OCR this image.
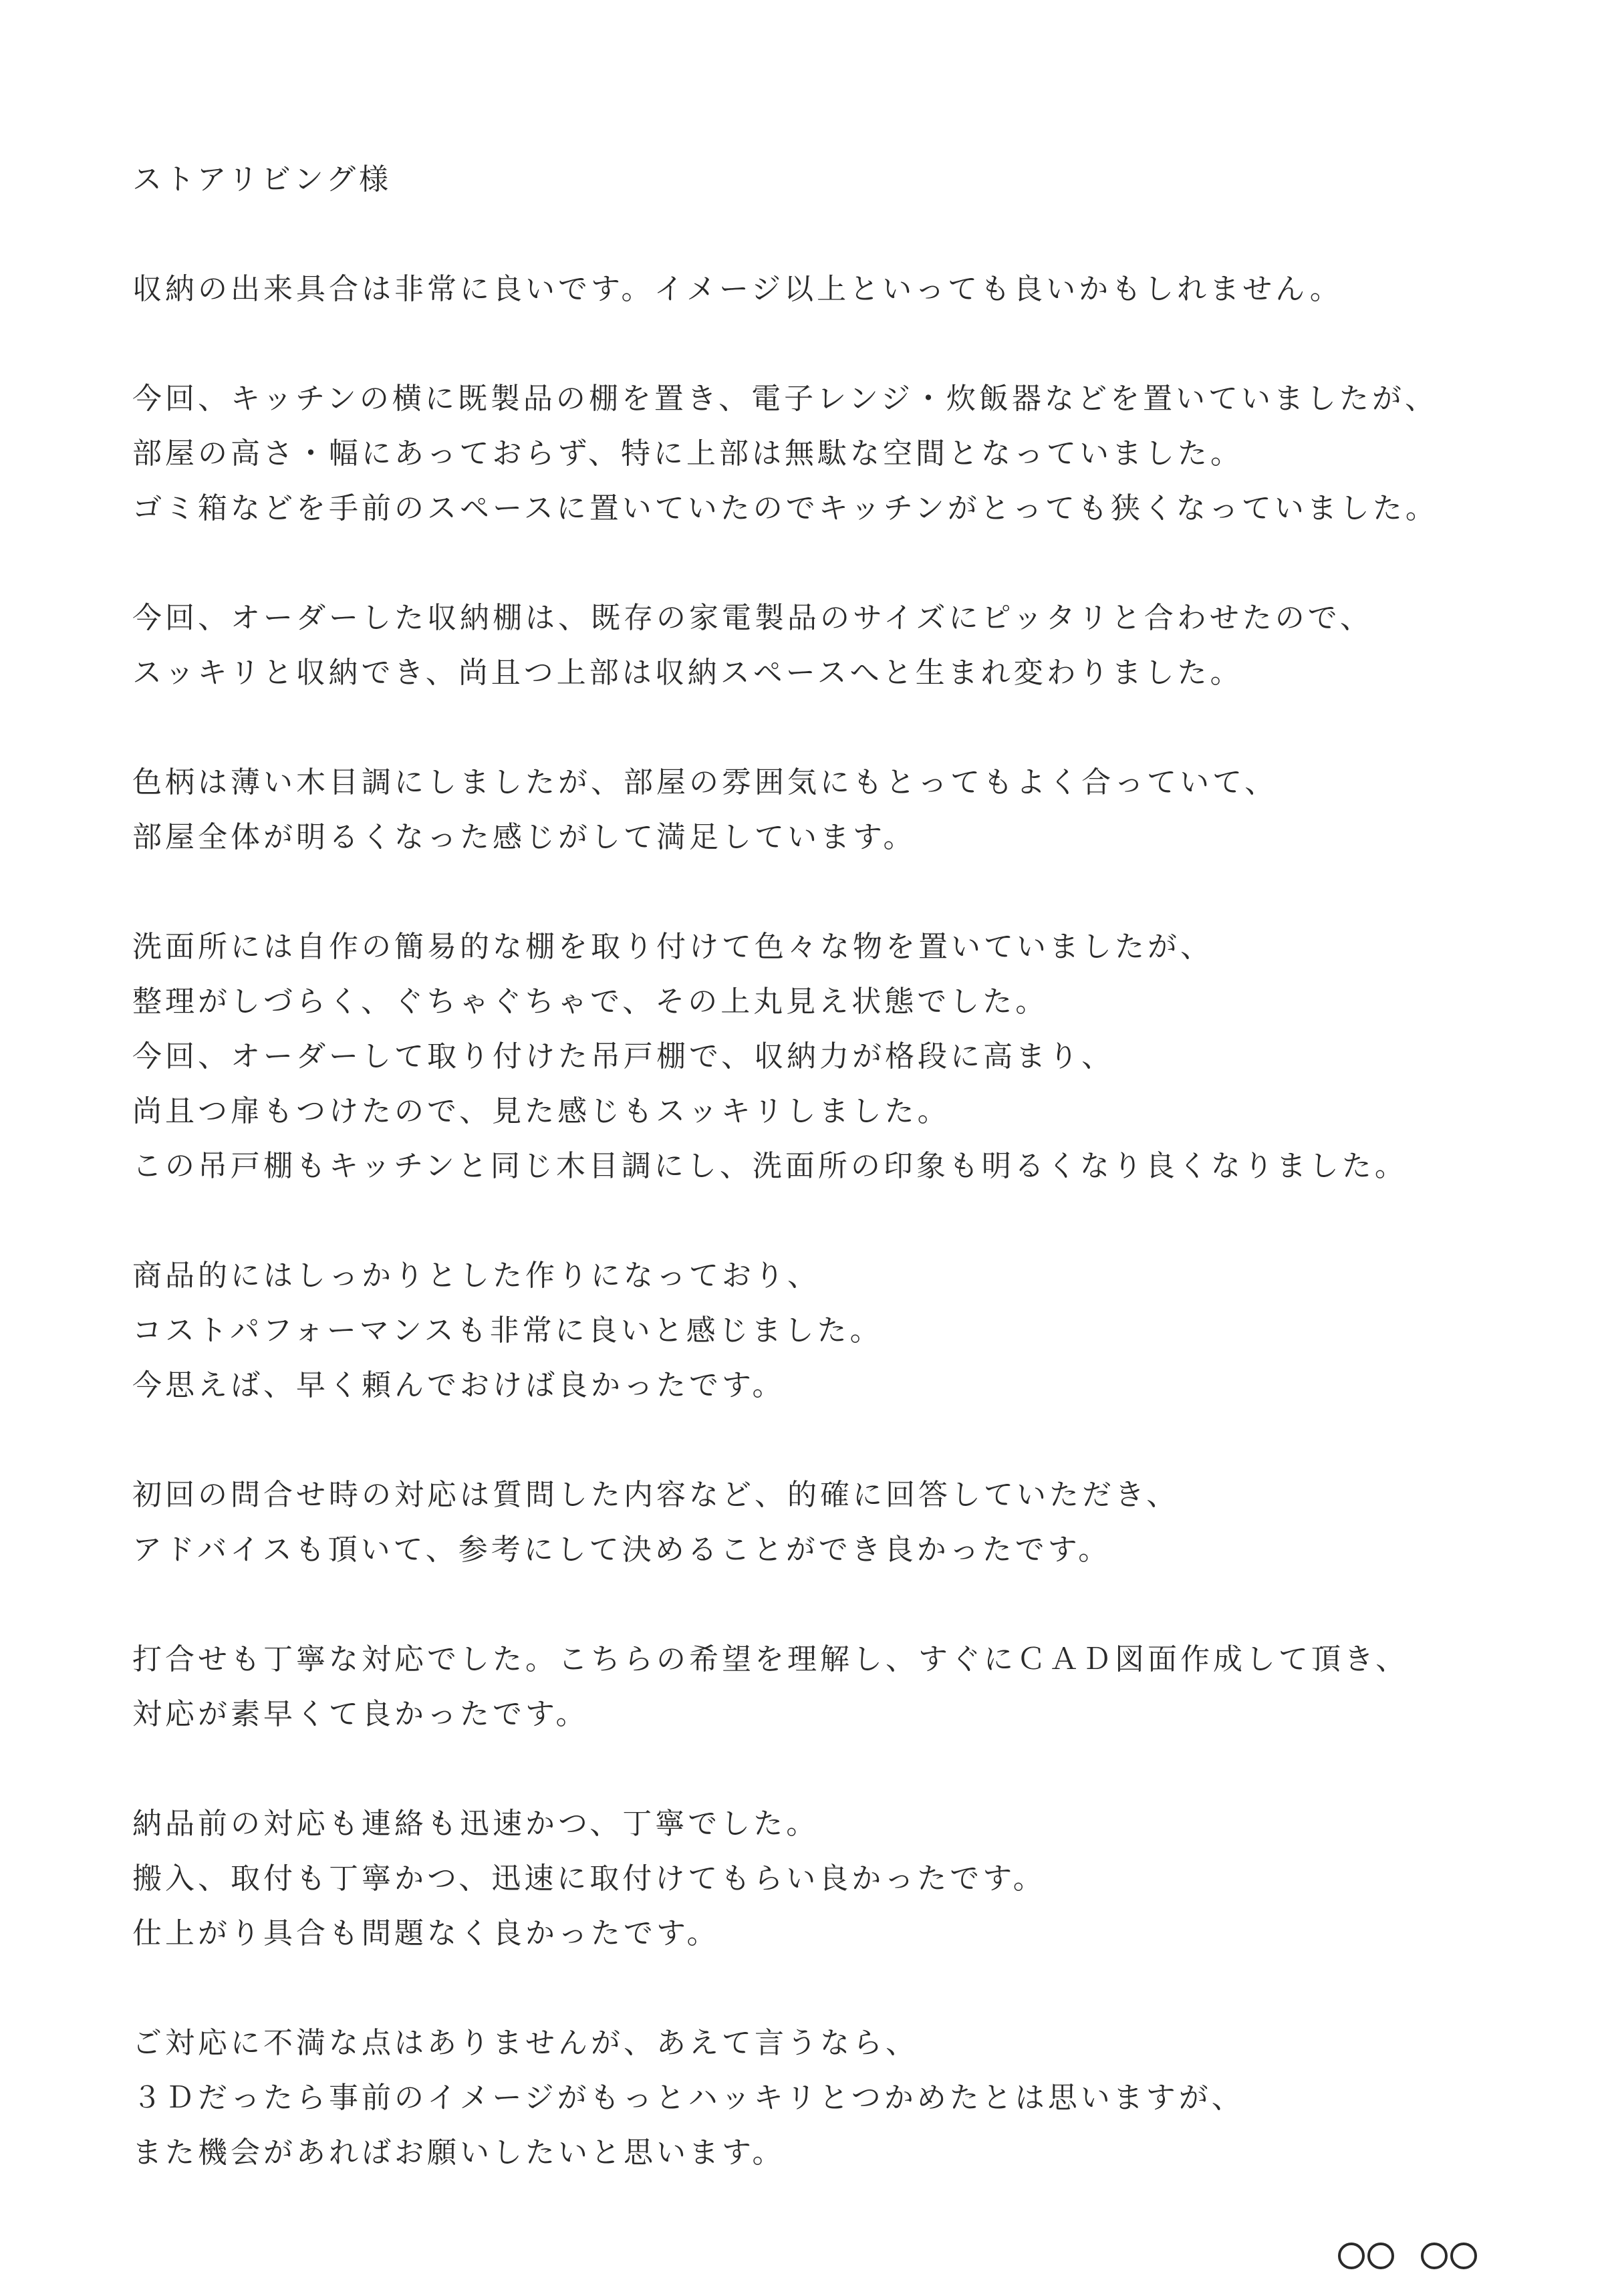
ストアリビング様

収納の出来具合は非常に良いです。イメージ以上といっても良いかもしれません。

今回、キッチンの横に既製品の棚を置き、電子レンジ・炊飯器などを置いていましたが、
部屋の高さ・幅にあっておらず、特に上部は無駄な空間となっていました。
ゴミ箱などを手前のスペースに置いていたのでキッチンがとっても狭くなっていました。

今回、オーダーした収納棚は、既存の家電製品のサイズにピッタリと合わせたので、
スッキリと収納でき、尚且つ上部は収納スペースへと生まれ変わりました。

色柄は薄い木目調にしましたが、部屋の雰囲気にもとってもよく合っていて、
部屋全体が明るくなった感じがして満足しています。

洗面所には自作の簡易的な棚を取り付けて色々な物を置いていましたが、
整理がしづらく、ぐちゃぐちゃで、その上丸見え状態でした。
今回、オーダーして取り付けた吊戸棚で、収納力が格段に高まり、
尚且つ扉もつけたので、見た感じもスッキリしました。
この吊戸棚もキッチンと同じ木目調にし、洗面所の印象も明るくなり良くなりました。

商品的にはしっかりとした作りになっており、
コストパフォーマンスも非常に良いと感じました。
今思えば、早く頼んでおけば良かったです。

初回の問合せ時の対応は質問した内容など、的確に回答していただき、
アドバイスも頂いて、参考にして決めることができ良かったです。

打合せも丁寧な対応でした。こちらの希望を理解し、すぐにＣＡＤ図面作成して頂き、
対応が素早くて良かったです。

納品前の対応も連絡も迅速かつ、丁寧でした。
搬入、取付も丁寧かつ、迅速に取付けてもらい良かったです。
仕上がり具合も問題なく良かったです。

ご対応に不満な点はありませんが、あえて言うなら、
３Ｄだったら事前のイメージがもっとハッキリとつかめたとは思いますが、
また機会があればお願いしたいと思います。
